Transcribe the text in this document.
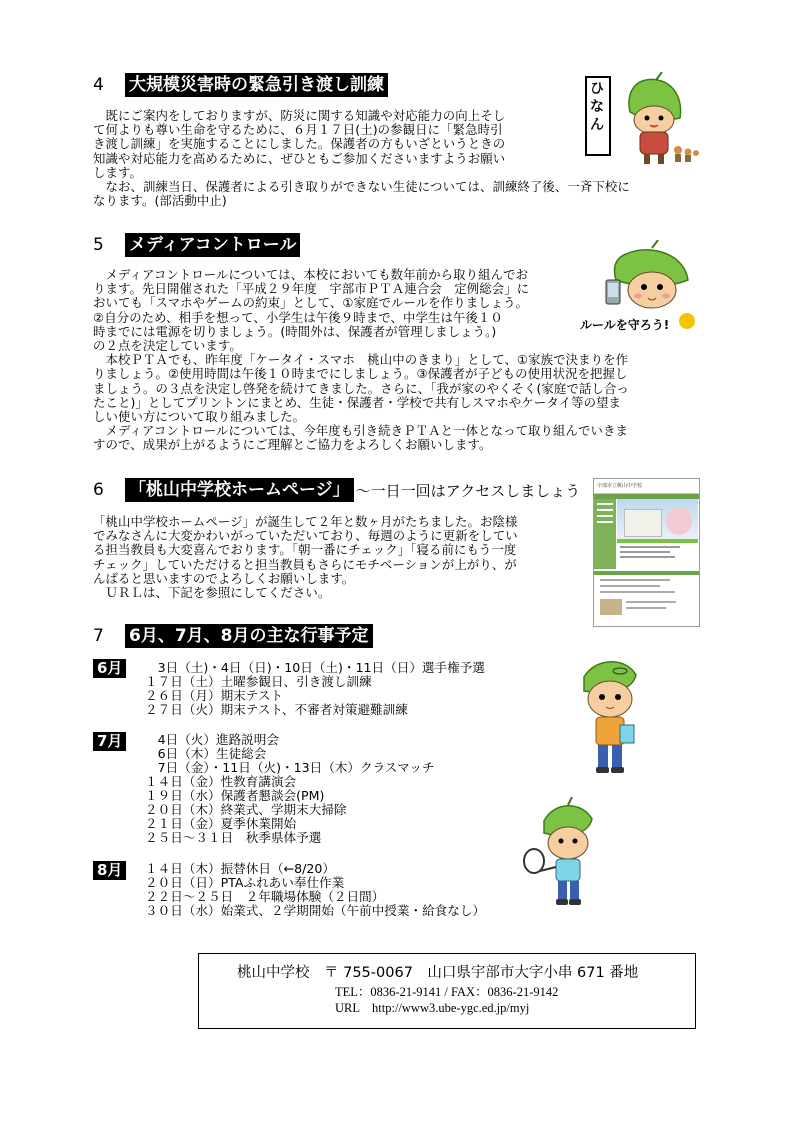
4	大規模災害時の緊急引き渡し訓練
　既にご案内をしておりますが、防災に関する知識や対応能力の向上そし
て何よりも尊い生命を守るために、６月１７日(土)の参観日に「緊急時引
き渡し訓練」を実施することにしました。保護者の方もいざというときの
知識や対応能力を高めるために、ぜひともご参加くださいますようお願い
します。
　なお、訓練当日、保護者による引き取りができない生徒については、訓練終了後、一斉下校に
なります。(部活動中止)
ひなん
5	メディアコントロール
　メディアコントロールについては、本校においても数年前から取り組んでお
ります。先日開催された「平成２９年度　宇部市ＰＴＡ連合会　定例総会」に
おいても「スマホやゲームの約束」として、①家庭でルールを作りましょう。
②自分のため、相手を想って、小学生は午後９時まで、中学生は午後１０
時までには電源を切りましょう。(時間外は、保護者が管理しましょう。)
の２点を決定しています。
　本校ＰＴＡでも、昨年度「ケータイ・スマホ　桃山中のきまり」として、①家族で決まりを作
りましょう。②使用時間は午後１０時までにしましょう。③保護者が子どもの使用状況を把握し
ましょう。の３点を決定し啓発を続けてきました。さらに、「我が家のやくそく(家庭で話し合っ
たこと)」としてプリントンにまとめ、生徒・保護者・学校で共有しスマホやケータイ等の望ま
しい使い方について取り組みました。
　メディアコントロールについては、今年度も引き続きＰＴＡと一体となって取り組んでいきま
すので、成果が上がるようにご理解とご協力をよろしくお願いします。
ルールを守ろう!
6	「桃山中学校ホームページ」 ～一日一回はアクセスしましょう
「桃山中学校ホームページ」が誕生して２年と数ヶ月がたちました。お陰様
でみなさんに大変かわいがっていただいており、毎週のように更新をしてい
る担当教員も大変喜んでおります。「朝一番にチェック」「寝る前にもう一度
チェック」していただけると担当教員もさらにモチベーションが上がり、が
んばると思いますのでよろしくお願いします。
　ＵＲＬは、下記を参照にしてください。
宇部市立桃山中学校
7	6月、7月、8月の主な行事予定
6月	　3日（土)・4日（日)・10日（土)・11日（日）選手権予選
１７日（土）土曜参観日、引き渡し訓練
２６日（月）期末テスト
２７日（火）期末テスト、不審者対策避難訓練
7月	　4日（火）進路説明会
　6日（木）生徒総会
　7日（金）・11日（火)・13日（木）クラスマッチ
１４日（金）性教育講演会
１９日（水）保護者懇談会(PM)
２０日（木）終業式、学期末大掃除
２１日（金）夏季休業開始
２５日～３１日　秋季県体予選
8月	１４日（木）振替休日（←8/20）
２０日（日）PTAふれあい奉仕作業
２２日～２５日　２年職場体験（２日間）
３０日（水）始業式、２学期開始（午前中授業・給食なし）
桃山中学校　〒 755-0067　山口県宇部市大字小串 671 番地
TEL：0836-21-9141 / FAX：0836-21-9142
URL　http://www3.ube-ygc.ed.jp/myj
